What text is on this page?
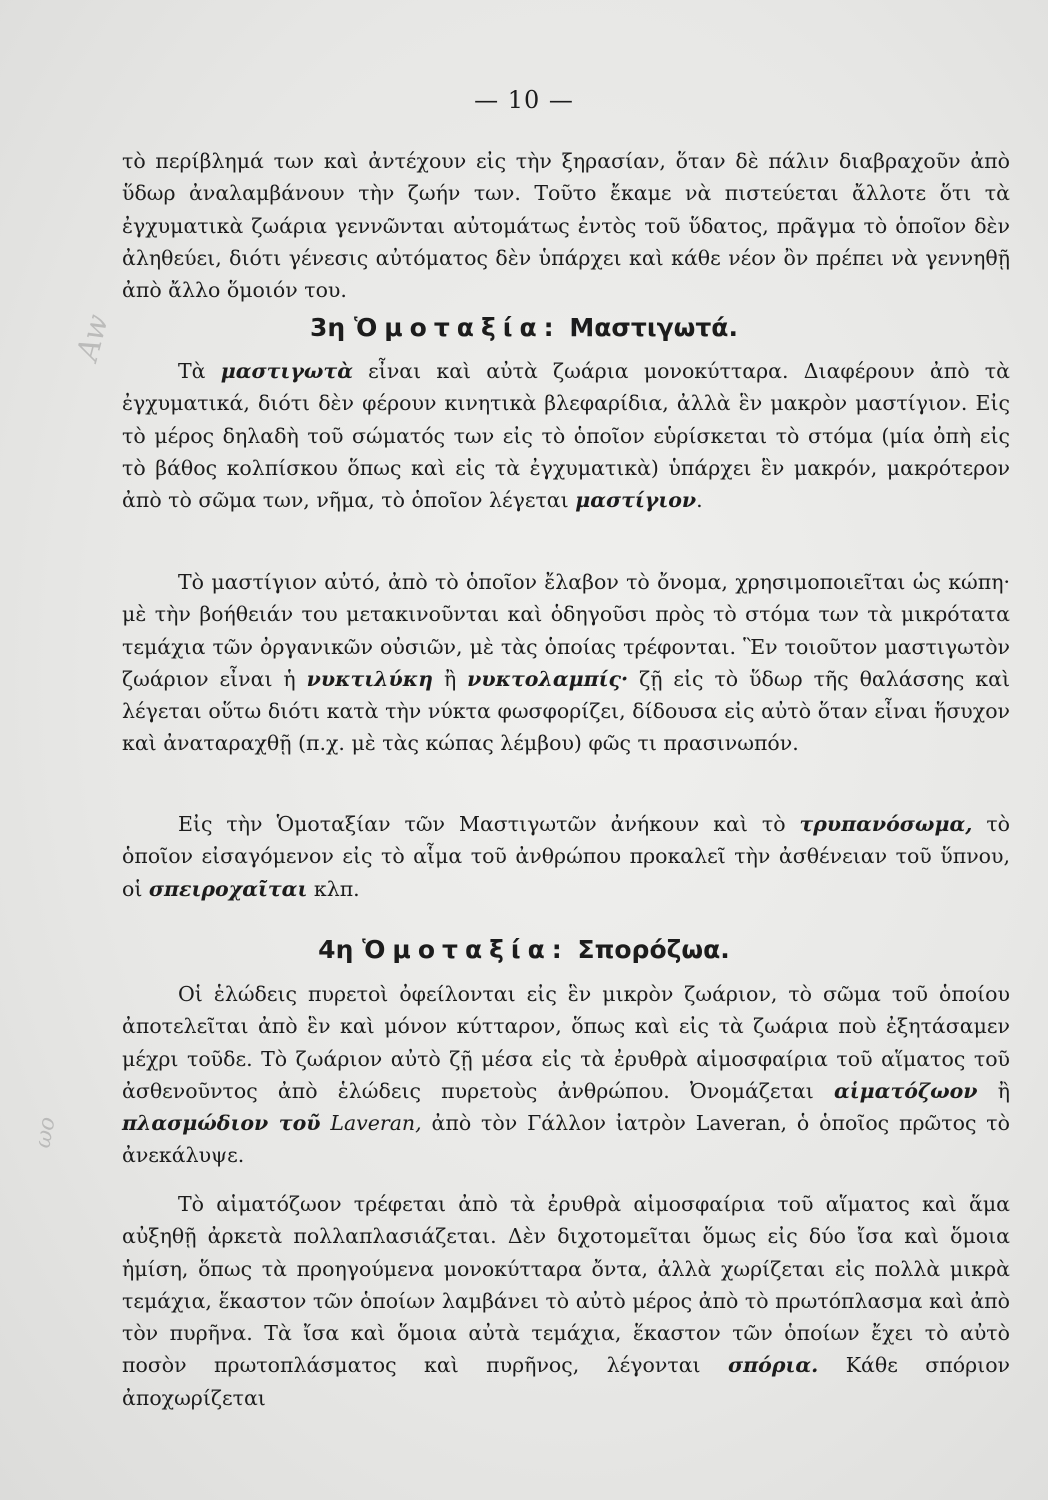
Aw
ωο
— 10 —

τὸ περίβλημά των καὶ ἀντέχουν εἰς τὴν ξηρασίαν, ὅταν δὲ πάλιν διαβραχοῦν ἀπὸ ὕδωρ ἀναλαμβάνουν τὴν ζωήν των. Τοῦτο ἔκαμε νὰ πιστεύεται ἄλλοτε ὅτι τὰ ἐγχυματικὰ ζωάρια γεννῶνται αὐτομάτως ἐντὸς τοῦ ὕδατος, πρᾶγμα τὸ ὁποῖον δὲν ἀληθεύει, διότι γένεσις αὐτόματος δὲν ὑπάρχει καὶ κάθε νέον ὂν πρέπει νὰ γεννηθῇ ἀπὸ ἄλλο ὅμοιόν του.

3η Ὁμοταξία: Μαστιγωτά.

Τὰ μαστιγωτὰ εἶναι καὶ αὐτὰ ζωάρια μονοκύτταρα. Διαφέρουν ἀπὸ τὰ ἐγχυματικά, διότι δὲν φέρουν κινητικὰ βλεφαρίδια, ἀλλὰ ἓν μακρὸν μαστίγιον. Εἰς τὸ μέρος δηλαδὴ τοῦ σώματός των εἰς τὸ ὁποῖον εὑρίσκεται τὸ στόμα (μία ὀπὴ εἰς τὸ βάθος κολπίσκου ὅπως καὶ εἰς τὰ ἐγχυματικὰ) ὑπάρχει ἓν μακρόν, μακρότερον ἀπὸ τὸ σῶμα των, νῆμα, τὸ ὁποῖον λέγεται μαστίγιον.

Τὸ μαστίγιον αὐτό, ἀπὸ τὸ ὁποῖον ἔλαβον τὸ ὄνομα, χρησιμοποιεῖται ὡς κώπη· μὲ τὴν βοήθειάν του μετακινοῦνται καὶ ὁδηγοῦσι πρὸς τὸ στόμα των τὰ μικρότατα τεμάχια τῶν ὀργανικῶν οὐσιῶν, μὲ τὰς ὁποίας τρέφονται. Ἓν τοιοῦτον μαστιγωτὸν ζωάριον εἶναι ἡ νυκτιλύκη ἢ νυκτολαμπίς· ζῇ εἰς τὸ ὕδωρ τῆς θαλάσσης καὶ λέγεται οὕτω διότι κατὰ τὴν νύκτα φωσφορίζει, δίδουσα εἰς αὐτὸ ὅταν εἶναι ἥσυχον καὶ ἀναταραχθῇ (π.χ. μὲ τὰς κώπας λέμβου) φῶς τι πρασινωπόν.

Εἰς τὴν Ὁμοταξίαν τῶν Μαστιγωτῶν ἀνήκουν καὶ τὸ τρυπανόσωμα, τὸ ὁποῖον εἰσαγόμενον εἰς τὸ αἷμα τοῦ ἀνθρώπου προκαλεῖ τὴν ἀσθένειαν τοῦ ὕπνου, οἱ σπειροχαῖται κλπ.

4η Ὁμοταξία: Σπορόζωα.

Οἱ ἑλώδεις πυρετοὶ ὀφείλονται εἰς ἓν μικρὸν ζωάριον, τὸ σῶμα τοῦ ὁποίου ἀποτελεῖται ἀπὸ ἓν καὶ μόνον κύτταρον, ὅπως καὶ εἰς τὰ ζωάρια ποὺ ἐξητάσαμεν μέχρι τοῦδε. Τὸ ζωάριον αὐτὸ ζῇ μέσα εἰς τὰ ἐρυθρὰ αἱμοσφαίρια τοῦ αἵματος τοῦ ἀσθενοῦντος ἀπὸ ἑλώδεις πυρετοὺς ἀνθρώπου. Ὀνομάζεται αἱματόζωον ἢ πλασμώδιον τοῦ Laveran, ἀπὸ τὸν Γάλλον ἰατρὸν Laveran, ὁ ὁποῖος πρῶτος τὸ ἀνεκάλυψε.

Τὸ αἱματόζωον τρέφεται ἀπὸ τὰ ἐρυθρὰ αἱμοσφαίρια τοῦ αἵματος καὶ ἅμα αὐξηθῇ ἀρκετὰ πολλαπλασιάζεται. Δὲν διχοτομεῖται ὅμως εἰς δύο ἴσα καὶ ὅμοια ἡμίση, ὅπως τὰ προηγούμενα μονοκύτταρα ὄντα, ἀλλὰ χωρίζεται εἰς πολλὰ μικρὰ τεμάχια, ἕκαστον τῶν ὁποίων λαμβάνει τὸ αὐτὸ μέρος ἀπὸ τὸ πρωτόπλασμα καὶ ἀπὸ τὸν πυρῆνα. Τὰ ἴσα καὶ ὅμοια αὐτὰ τεμάχια, ἕκαστον τῶν ὁποίων ἔχει τὸ αὐτὸ ποσὸν πρωτοπλάσματος καὶ πυρῆνος, λέγονται σπόρια. Κάθε σπόριον ἀποχωρίζεται
